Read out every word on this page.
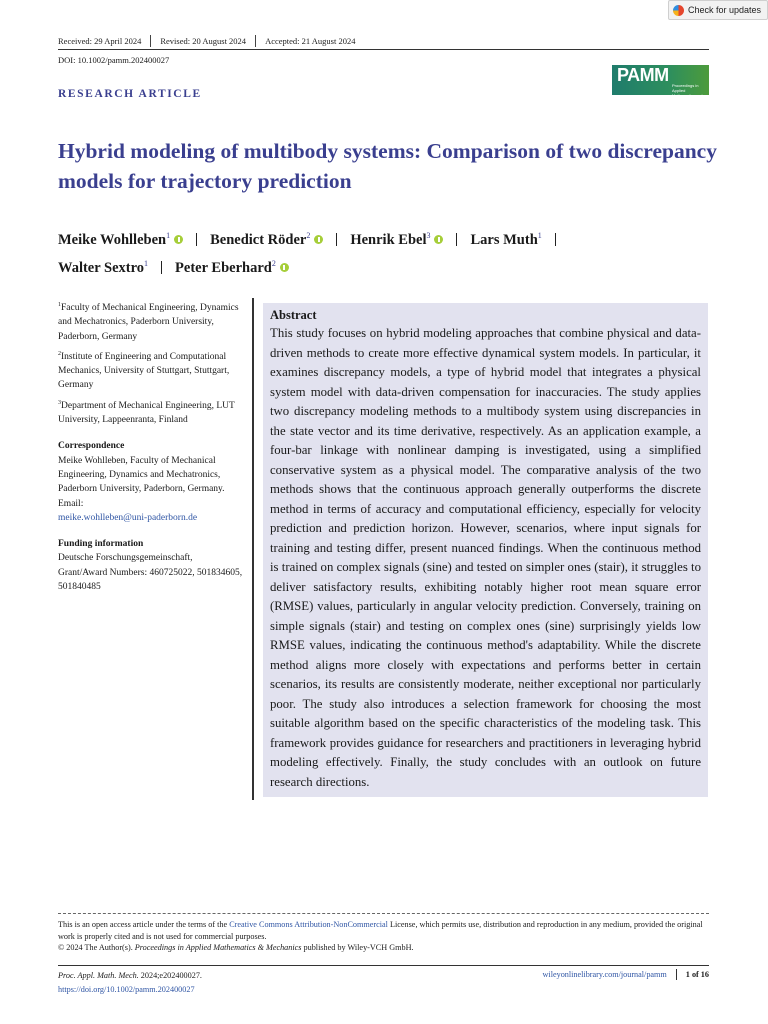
Check for updates
Received: 29 April 2024 Revised: 20 August 2024 Accepted: 21 August 2024
DOI: 10.1002/pamm.202400027
PAMM
Proceedings in Applied Mathematics and Mechanics
RESEARCH ARTICLE
Hybrid modeling of multibody systems: Comparison of two discrepancy models for trajectory prediction
Meike Wohlleben$^1$	Benedict Röder$^2$	Henrik Ebel$^3$	Lars Muth$^1$
Walter Sextro$^1$ Peter Eberhard$^2$
$^1$Faculty of Mechanical Engineering, Dynamics and Mechatronics, Paderborn University, Paderborn, Germany
$^2$Institute of Engineering and Computational Mechanics, University of Stuttgart, Stuttgart, Germany
$^3$Department of Mechanical Engineering, LUT University, Lappeenranta, Finland
Correspondence
Meike Wohlleben, Faculty of Mechanical Engineering, Dynamics and Mechatronics, Paderborn University, Paderborn, Germany.
Email:
meike.wohlleben@uni-paderborn.de
Funding information
Deutsche Forschungsgemeinschaft, Grant/Award Numbers: 460725022, 501834605, 501840485
Abstract

This study focuses on hybrid modeling approaches that combine physical and data-driven methods to create more effective dynamical system models. In particular, it examines discrepancy models, a type of hybrid model that integrates a physical system model with data-driven compensation for inaccuracies. The study applies two discrepancy modeling methods to a multibody system using discrepancies in the state vector and its time derivative, respectively. As an application example, a four-bar linkage with nonlinear damping is investigated, using a simplified conservative system as a physical model. The comparative analysis of the two methods shows that the continuous approach generally outperforms the discrete method in terms of accuracy and computational efficiency, especially for velocity prediction and prediction horizon. However, scenarios, where input signals for training and testing differ, present nuanced findings. When the continuous method is trained on complex signals (sine) and tested on simpler ones (stair), it struggles to deliver satisfactory results, exhibiting notably higher root mean square error (RMSE) values, particularly in angular velocity prediction. Conversely, training on simple signals (stair) and testing on complex ones (sine) surprisingly yields low RMSE values, indicating the continuous method's adaptability. While the discrete method aligns more closely with expectations and performs better in certain scenarios, its results are consistently moderate, neither exceptional nor particularly poor. The study also introduces a selection framework for choosing the most suitable algorithm based on the specific characteristics of the modeling task. This framework provides guidance for researchers and practitioners in leveraging hybrid modeling effectively. Finally, the study concludes with an outlook on future research directions.

This is an open access article under the terms of the Creative Commons Attribution-NonCommercial License, which permits use, distribution and reproduction in any medium, provided the original work is properly cited and is not used for commercial purposes.
© 2024 The Author(s). Proceedings in Applied Mathematics & Mechanics published by Wiley-VCH GmbH.
Proc. Appl. Math. Mech. 2024;e202400027.
https://doi.org/10.1002/pamm.202400027
wileyonlinelibrary.com/journal/pamm 1 of 16
